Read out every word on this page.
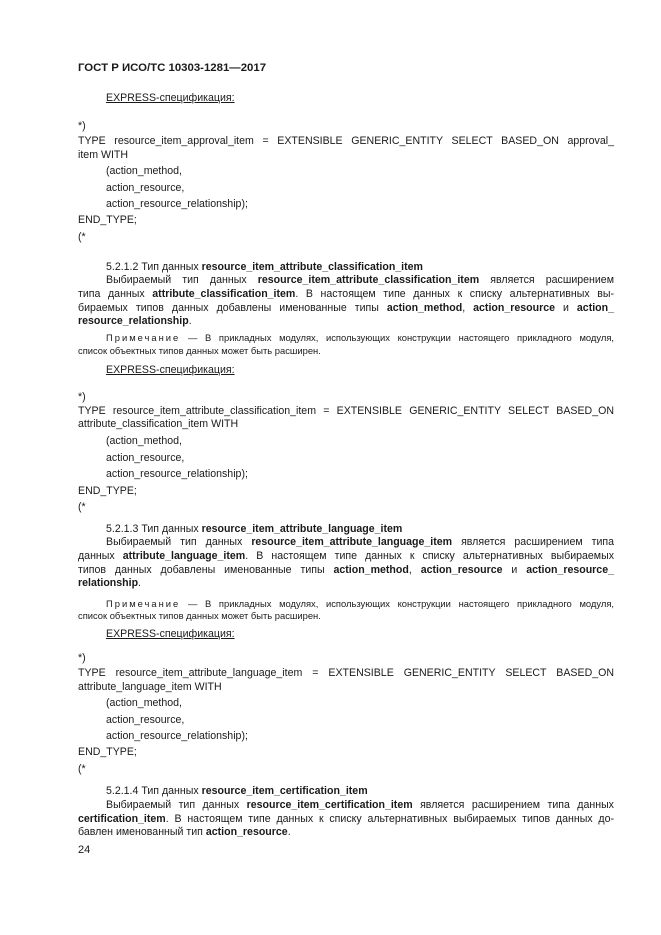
ГОСТ Р ИСО/ТС 10303-1281—2017
EXPRESS-спецификация:
*)
TYPE resource_item_approval_item = EXTENSIBLE GENERIC_ENTITY SELECT BASED_ON approval_
item WITH
(action_method,
action_resource,
action_resource_relationship);
END_TYPE;
(*
5.2.1.2 Тип данных resource_item_attribute_classification_item
Выбираемый тип данных resource_item_attribute_classification_item является расширением
типа данных attribute_classification_item. В настоящем типе данных к списку альтернативных вы-
бираемых типов данных добавлены именованные типы action_method, action_resource и action_
resource_relationship.
Примечание — В прикладных модулях, использующих конструкции настоящего прикладного модуля,
список объектных типов данных может быть расширен.
EXPRESS-спецификация:
*)
TYPE resource_item_attribute_classification_item = EXTENSIBLE GENERIC_ENTITY SELECT BASED_ON
attribute_classification_item WITH
(action_method,
action_resource,
action_resource_relationship);
END_TYPE;
(*
5.2.1.3 Тип данных resource_item_attribute_language_item
Выбираемый тип данных resource_item_attribute_language_item является расширением типа
данных attribute_language_item. В настоящем типе данных к списку альтернативных выбираемых
типов данных добавлены именованные типы action_method, action_resource и action_resource_
relationship.
Примечание — В прикладных модулях, использующих конструкции настоящего прикладного модуля,
список объектных типов данных может быть расширен.
EXPRESS-спецификация:
*)
TYPE resource_item_attribute_language_item = EXTENSIBLE GENERIC_ENTITY SELECT BASED_ON
attribute_language_item WITH
(action_method,
action_resource,
action_resource_relationship);
END_TYPE;
(*
5.2.1.4 Тип данных resource_item_certification_item
Выбираемый тип данных resource_item_certification_item является расширением типа данных
certification_item. В настоящем типе данных к списку альтернативных выбираемых типов данных до-
бавлен именованный тип action_resource.
24
